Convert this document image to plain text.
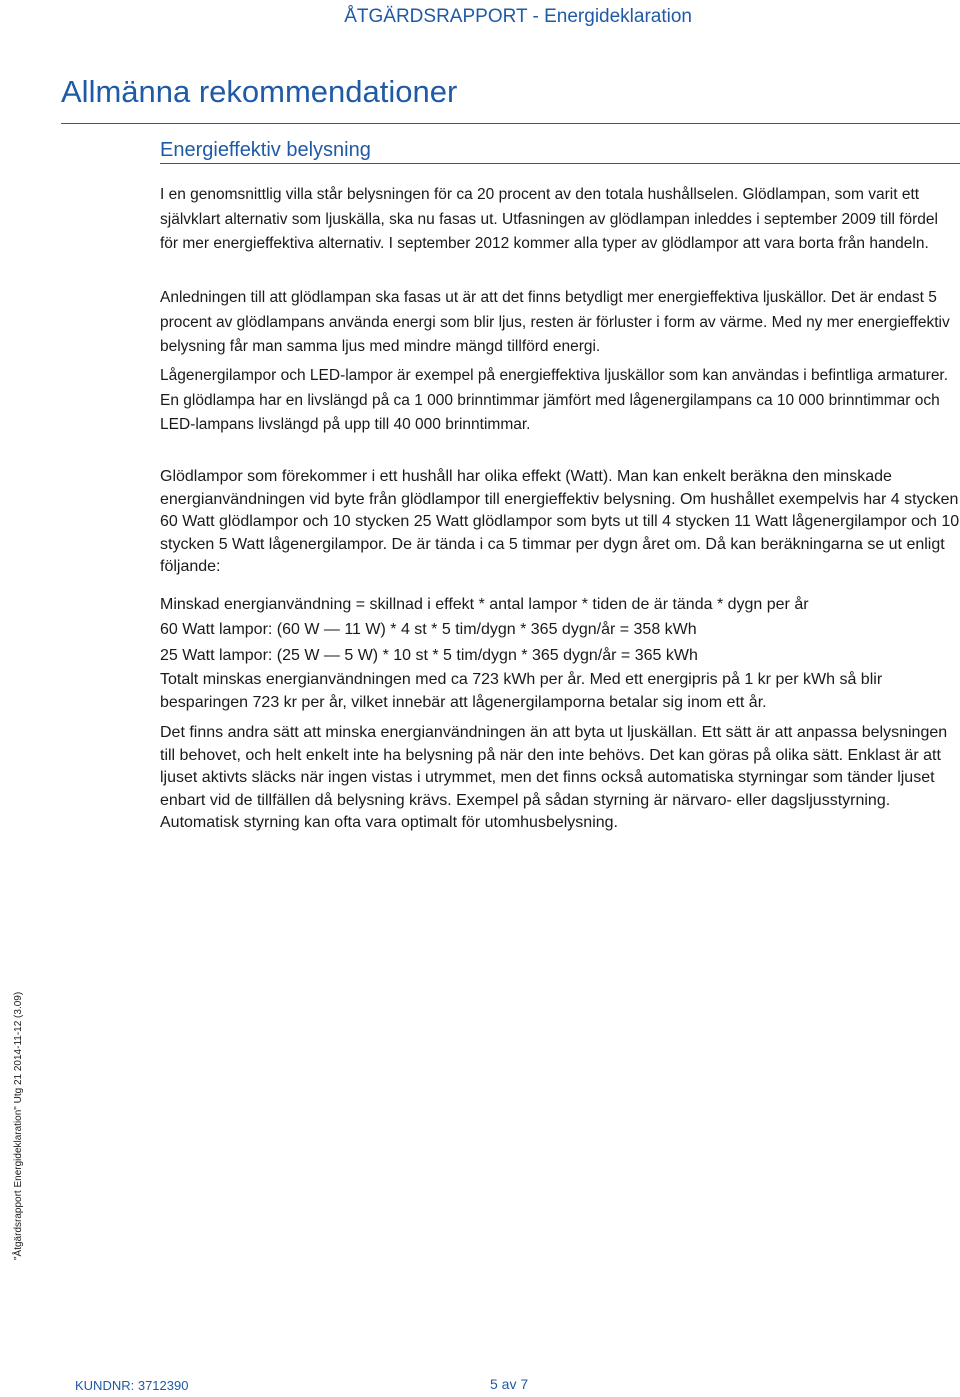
ÅTGÄRDSRAPPORT - Energideklaration
Allmänna rekommendationer
Energieffektiv belysning
I en genomsnittlig villa står belysningen för ca 20 procent av den totala hushållselen. Glödlampan, som varit ett självklart alternativ som ljuskälla, ska nu fasas ut. Utfasningen av glödlampan inleddes i september 2009 till fördel för mer energieffektiva alternativ. I september 2012 kommer alla typer av glödlampor att vara borta från handeln.
Anledningen till att glödlampan ska fasas ut är att det finns betydligt mer energieffektiva ljuskällor. Det är endast 5 procent av glödlampans använda energi som blir ljus, resten är förluster i form av värme. Med ny mer energieffektiv belysning får man samma ljus med mindre mängd tillförd energi.
Lågenergilampor och LED-lampor är exempel på energieffektiva ljuskällor som kan användas i befintliga armaturer. En glödlampa har en livslängd på ca 1 000 brinntimmar jämfört med lågenergilampans ca 10 000 brinntimmar och LED-lampans livslängd på upp till 40 000 brinntimmar.
Glödlampor som förekommer i ett hushåll har olika effekt (Watt). Man kan enkelt beräkna den minskade energianvändningen vid byte från glödlampor till energieffektiv belysning. Om hushållet exempelvis har 4 stycken 60 Watt glödlampor och 10 stycken 25 Watt glödlampor som byts ut till 4 stycken 11 Watt lågenergilampor och 10 stycken 5 Watt lågenergilampor. De är tända i ca 5 timmar per dygn året om. Då kan beräkningarna se ut enligt följande:
Minskad energianvändning = skillnad i effekt * antal lampor * tiden de är tända * dygn per år
60 Watt lampor: (60 W — 11 W) * 4 st * 5 tim/dygn * 365 dygn/år = 358 kWh
25 Watt lampor: (25 W — 5 W) * 10 st * 5 tim/dygn * 365 dygn/år = 365 kWh
Totalt minskas energianvändningen med ca 723 kWh per år. Med ett energipris på 1 kr per kWh så blir besparingen 723 kr per år, vilket innebär att lågenergilamporna betalar sig inom ett år.
Det finns andra sätt att minska energianvändningen än att byta ut ljuskällan. Ett sätt är att anpassa belysningen till behovet, och helt enkelt inte ha belysning på när den inte behövs. Det kan göras på olika sätt. Enklast är att ljuset aktivts släcks när ingen vistas i utrymmet, men det finns också automatiska styrningar som tänder ljuset enbart vid de tillfällen då belysning krävs. Exempel på sådan styrning är närvaro- eller dagsljusstyrning. Automatisk styrning kan ofta vara optimalt för utomhusbelysning.
"Åtgärdsrapport Energideklaration" Utg 21 2014-11-12 (3.09)
KUNDNR: 3712390	5 av 7
